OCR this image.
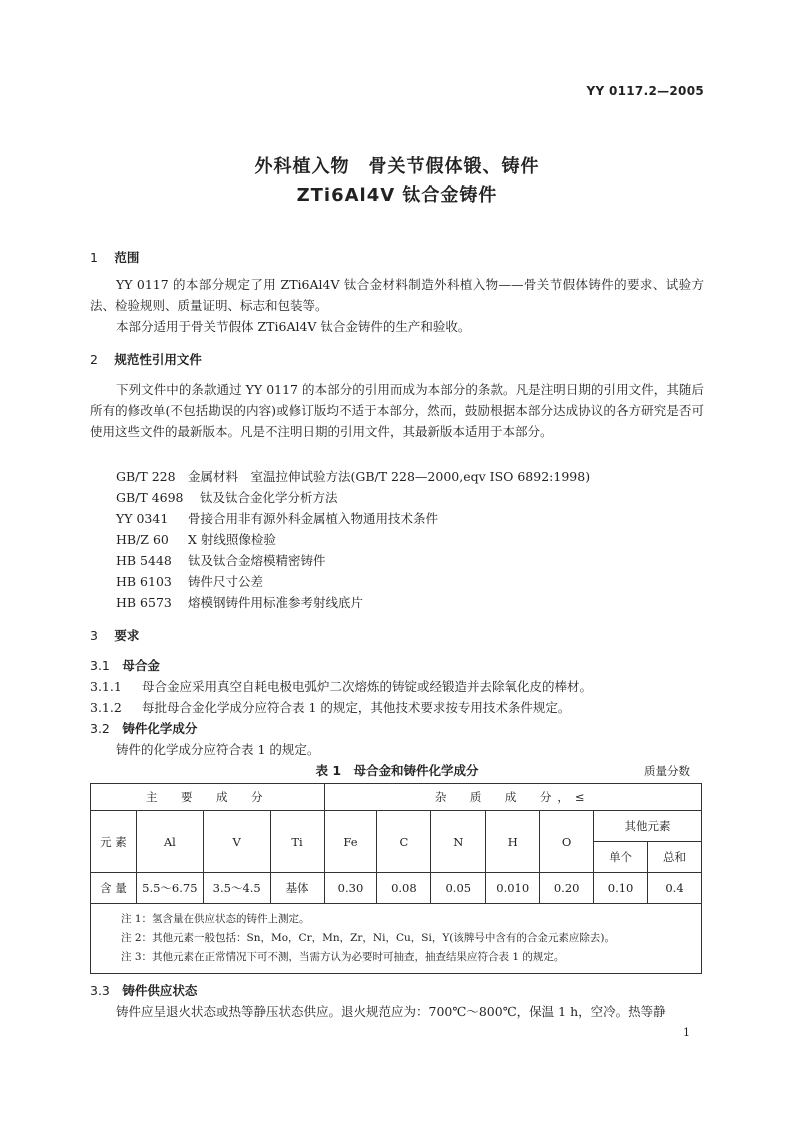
YY 0117.2—2005
外科植入物　骨关节假体锻、铸件
ZTi6Al4V 钛合金铸件
1 范围
YY 0117 的本部分规定了用 ZTi6Al4V 钛合金材料制造外科植入物——骨关节假体铸件的要求、试验方法、检验规则、质量证明、标志和包装等。
本部分适用于骨关节假体 ZTi6Al4V 钛合金铸件的生产和验收。
2 规范性引用文件
下列文件中的条款通过 YY 0117 的本部分的引用而成为本部分的条款。凡是注明日期的引用文件，其随后所有的修改单(不包括勘误的内容)或修订版均不适于本部分，然而，鼓励根据本部分达成协议的各方研究是否可使用这些文件的最新版本。凡是不注明日期的引用文件，其最新版本适用于本部分。
GB/T 228 金属材料　室温拉伸试验方法(GB/T 228—2000,eqv ISO 6892:1998)
GB/T 4698 钛及钛合金化学分析方法
YY 0341 骨接合用非有源外科金属植入物通用技术条件
HB/Z 60 X 射线照像检验
HB 5448 钛及钛合金熔模精密铸件
HB 6103 铸件尺寸公差
HB 6573 熔模钢铸件用标准参考射线底片
3 要求
3.1 母合金
3.1.1 母合金应采用真空自耗电极电弧炉二次熔炼的铸锭或经锻造并去除氧化皮的棒材。
3.1.2 每批母合金化学成分应符合表 1 的规定，其他技术要求按专用技术条件规定。
3.2 铸件化学成分
铸件的化学成分应符合表 1 的规定。
表 1　母合金和铸件化学成分	质量分数
主　要　成　分				杂　质　成　分，≤						
元 素	Al	V	Ti	Fe	C	N	H	O	其他元素	
									单个	总和
含 量	5.5～6.75	3.5～4.5	基体	0.30	0.08	0.05	0.010	0.20	0.10	0.4

注 1：氢含量在供应状态的铸件上测定。
注 2：其他元素一般包括：Sn，Mo，Cr，Mn，Zr，Ni，Cu，Si，Y(该牌号中含有的合金元素应除去)。
注 3：其他元素在正常情况下可不测，当需方认为必要时可抽查，抽查结果应符合表 1 的规定。										
3.3 铸件供应状态
铸件应呈退火状态或热等静压状态供应。退火规范应为：700℃～800℃，保温 1 h，空冷。热等静
1
